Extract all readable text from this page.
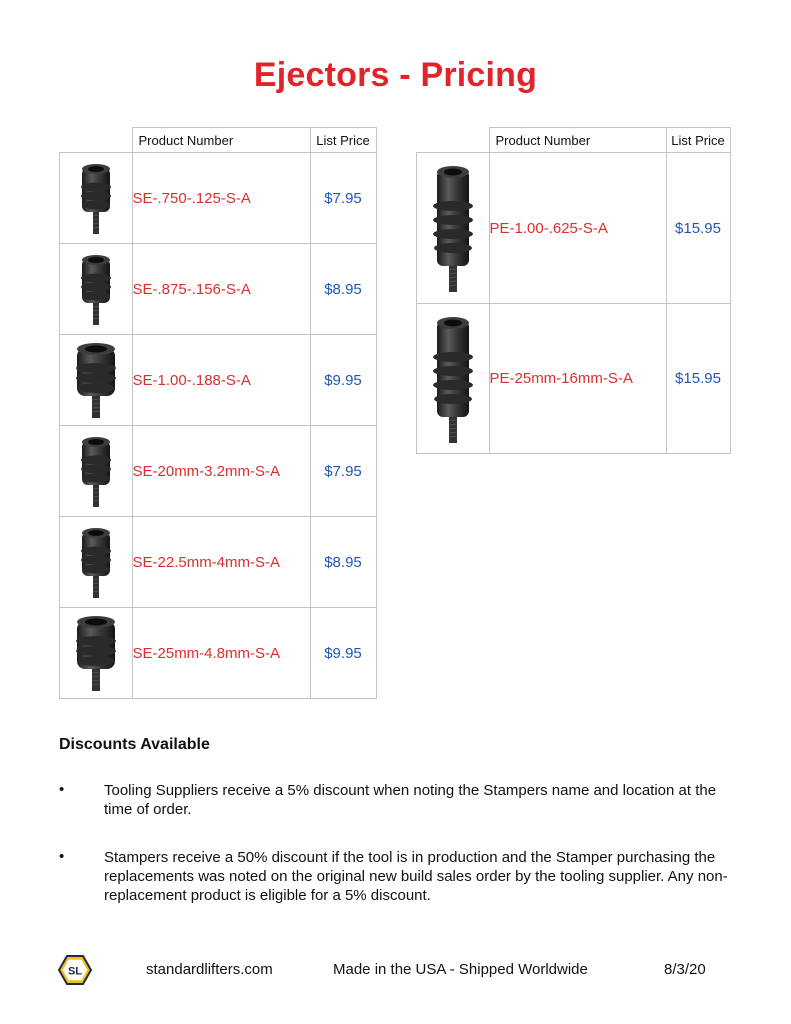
Ejectors - Pricing
	Product Number	List Price
	SE-.750-.125-S-A	$7.95
	SE-.875-.156-S-A	$8.95
	SE-1.00-.188-S-A	$9.95
	SE-20mm-3.2mm-S-A	$7.95
	SE-22.5mm-4mm-S-A	$8.95
	SE-25mm-4.8mm-S-A	$9.95
	Product Number	List Price
	PE-1.00-.625-S-A	$15.95
	PE-25mm-16mm-S-A	$15.95
Discounts Available
•	Tooling Suppliers receive a 5% discount when noting the Stampers name and location at the time of order.
•	Stampers receive a 50% discount if the tool is in production and the Stamper purchasing the replacements was noted on the original new build sales order by the tooling supplier. Any non-replacement product is eligible for a 5% discount.
SL	standardlifters.com	Made in the USA - Shipped Worldwide	8/3/20
